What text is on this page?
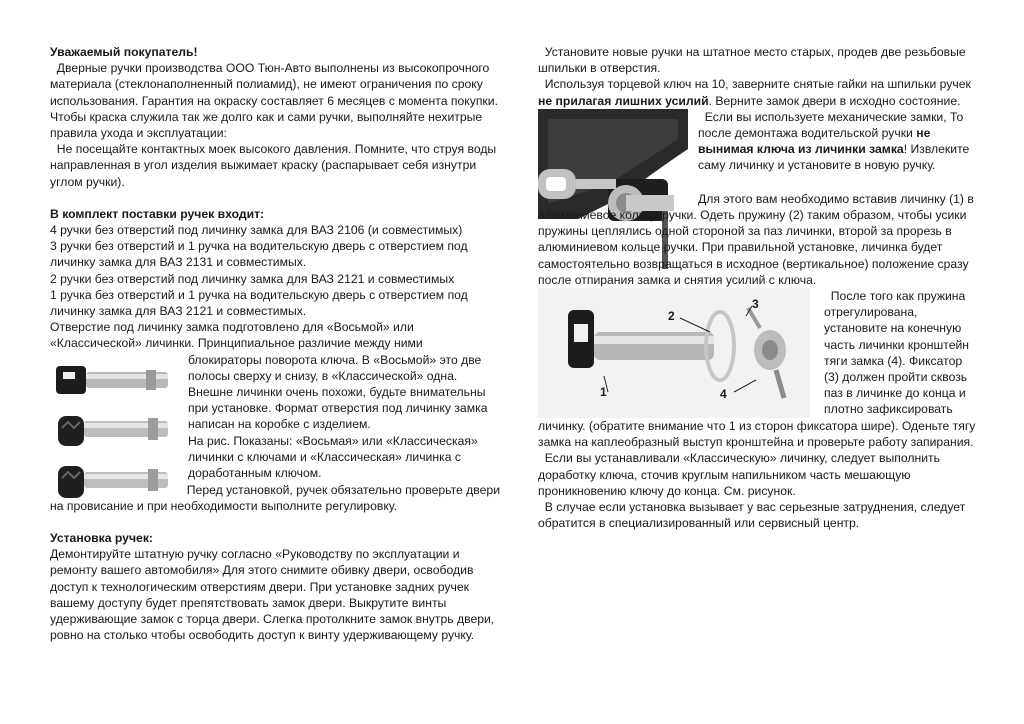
Уважаемый покупатель!

Дверные ручки производства ООО Тюн-Авто выполнены из высокопрочного материала (стеклонаполненный полиамид), не имеют ограничения по сроку использования. Гарантия на окраску составляет 6 месяцев с момента покупки. Чтобы краска служила так же долго как и сами ручки, выполняйте нехитрые правила ухода и эксплуатации:

Не посещайте контактных моек высокого давления. Помните, что струя воды направленная в угол изделия выжимает краску (распарывает себя изнутри углом ручки).

В комплект поставки ручек входит:

4 ручки без отверстий под личинку замка для ВАЗ 2106 (и совместимых)

3 ручки без отверстий и 1 ручка на водительскую дверь с отверстием под личинку замка для ВАЗ 2131 и совместимых.

2 ручки без отверстий под личинку замка для ВАЗ 2121 и совместимых

1 ручка без отверстий и 1 ручка на водительскую дверь с отверстием под личинку замка для ВАЗ 2121 и совместимых.

Отверстие под личинку замка подготовлено для «Восьмой» или «Классической» личинки. Принципиальное различие между ними

блокираторы поворота ключа. В «Восьмой» это две полосы сверху и снизу, в «Классической» одна. Внешне личинки очень похожи, будьте внимательны при установке. Формат отверстия под личинку замка написан на коробке с изделием.

На рис. Показаны: «Восьмая» или «Классическая» личинки с ключами и «Классическая» личинка с доработанным ключом.

Перед установкой, ручек обязательно проверьте двери на провисание и при необходимости выполните регулировку.

Установка ручек:

Демонтируйте штатную ручку согласно «Руководству по эксплуатации и ремонту вашего автомобиля» Для этого снимите обивку двери, освободив доступ к технологическим отверстиям двери. При установке задних ручек вашему доступу будет препятствовать замок двери. Выкрутите винты удерживающие замок с торца двери. Слегка протолкните замок внутрь двери, ровно на столько чтобы освободить доступ к винту удерживающему ручку.

Установите новые ручки на штатное место старых, продев две резьбовые шпильки в отверстия.

Используя торцевой ключ на 10, заверните снятые гайки на шпильки ручек не прилагая лишних усилий. Верните замок двери в исходно состояние.

Если вы используете механические замки, То после демонтажа водительской ручки не вынимая ключа из личинки замка! Извлеките саму личинку и установите в новую ручку.

Для этого вам необходимо вставив личинку (1) в алюминиевое кольцо ручки. Одеть пружину (2) таким образом, чтобы усики пружины цеплялись одной стороной за паз личинки, второй за прорезь в алюминиевом кольце ручки. При правильной установке, личинка будет самостоятельно возвращаться в исходное (вертикальное) положение сразу после отпирания замка и снятия усилий с ключа.

1
2
3
4

После того как пружина отрегулирована, установите на конечную часть личинки кронштейн тяги замка (4). Фиксатор (3) должен пройти сквозь паз в личинке до конца и плотно зафиксировать

личинку. (обратите внимание что 1 из сторон фиксатора шире). Оденьте тягу замка на каплеобразный выступ кронштейна и проверьте работу запирания.

Если вы устанавливали «Классическую» личинку, следует выполнить доработку ключа, сточив круглым напильником часть мешающую проникновению ключу до конца. См. рисунок.

В случае если установка вызывает у вас серьезные затруднения, следует обратится в специализированный или сервисный центр.
